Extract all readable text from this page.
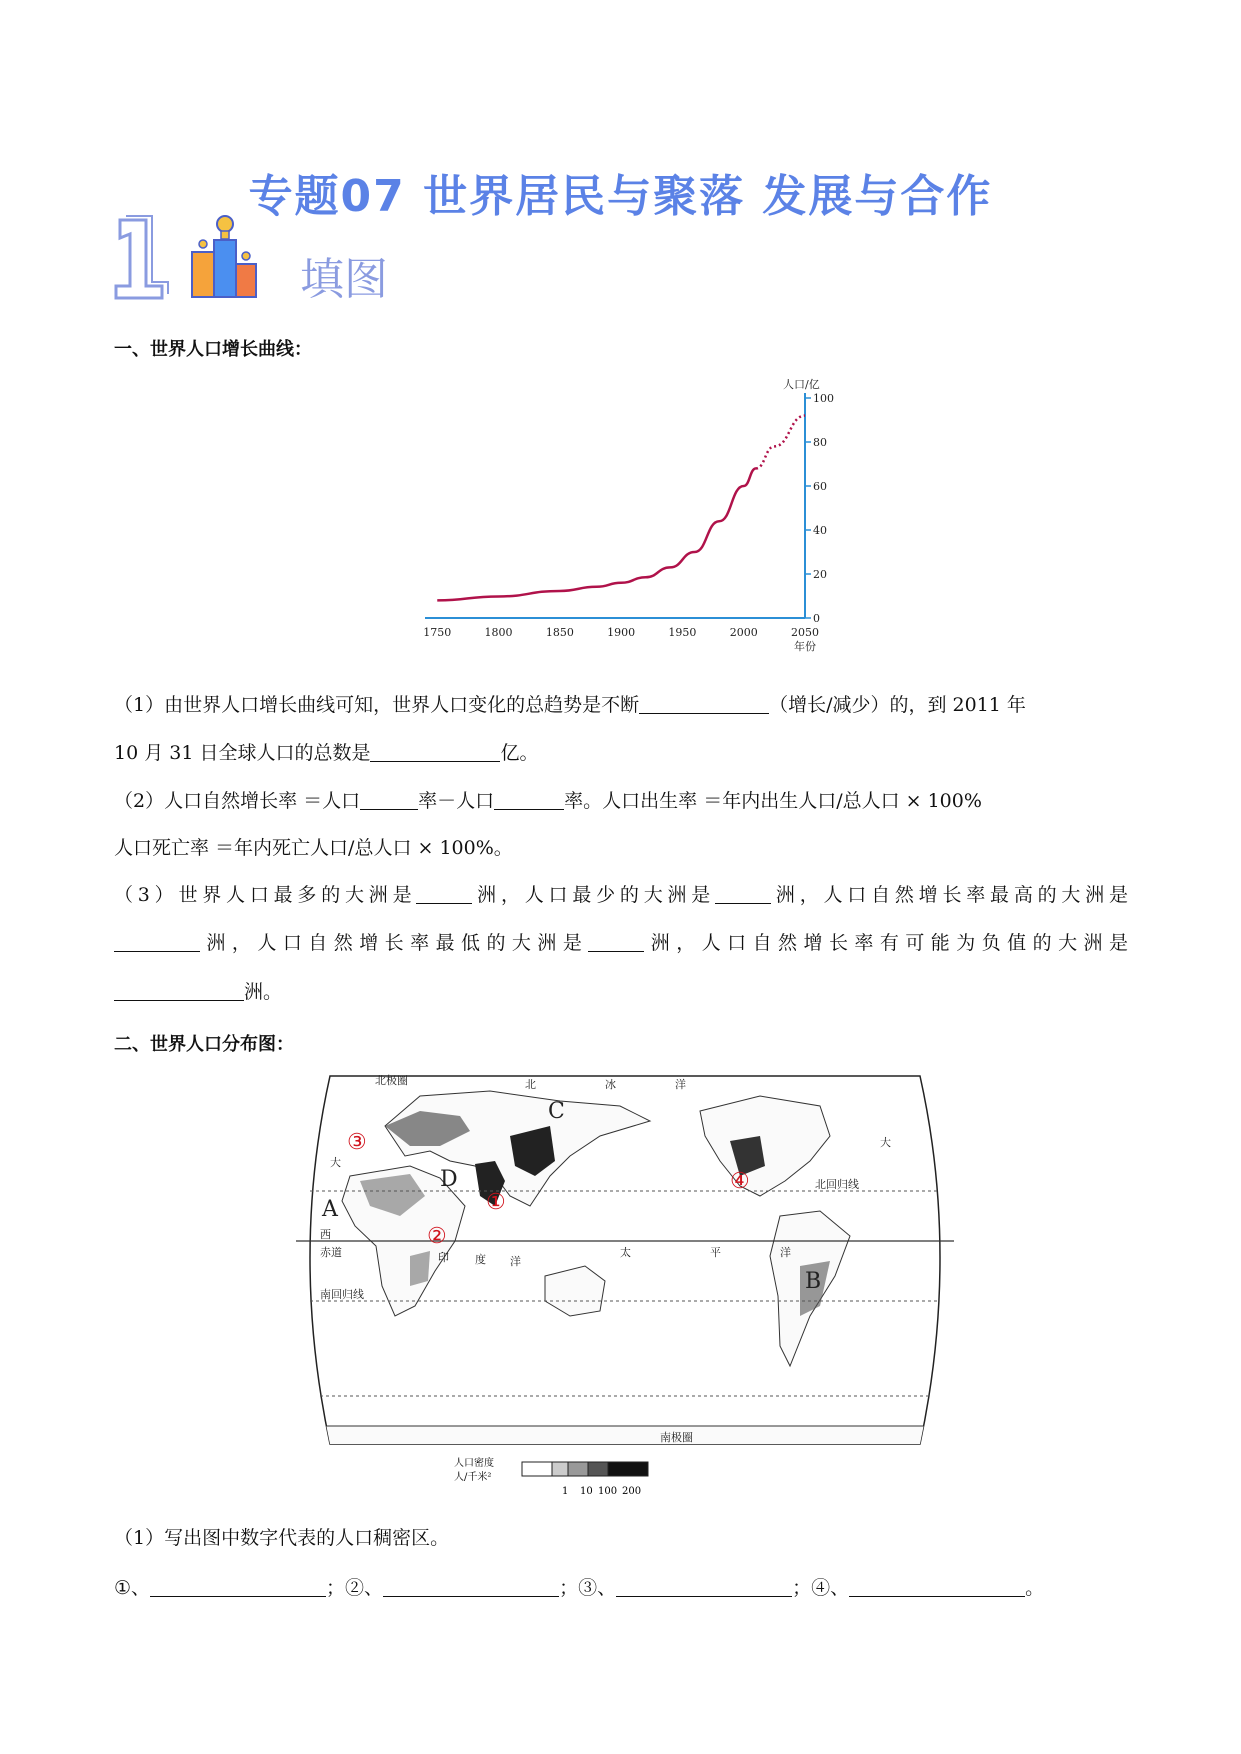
专题07 世界居民与聚落 发展与合作
填图
一、世界人口增长曲线：
0
20
40
60
80
100
1750	1800	1850	1900	1950	2000	2050
人口/亿
年份
（1）由世界人口增长曲线可知，世界人口变化的总趋势是不断	（增长/减少）的，到 2011 年
10 月 31 日全球人口的总数是	亿。
（2）人口自然增长率 ＝人口	率－人口	率。人口出生率 ＝年内出生人口/总人口 × 100%
人口死亡率 ＝年内死亡人口/总人口 × 100%。
（3）世界人口最多的大洲是	洲，人口最少的大洲是	洲，人口自然增长率最高的大洲是
洲，人口自然增长率最低的大洲是	洲，人口自然增长率有可能为负值的大洲是
洲。
二、世界人口分布图：
北极圈	北	冰	洋
北回归线
赤道
南回归线
南极圈
西
大
大
印 度 洋
太	平	洋
A
B
C
D
①
②
③
④
人口密度
人/千米²
1 10 100 200
（1）写出图中数字代表的人口稠密区。
①、	；②、	；③、	；④、	。
